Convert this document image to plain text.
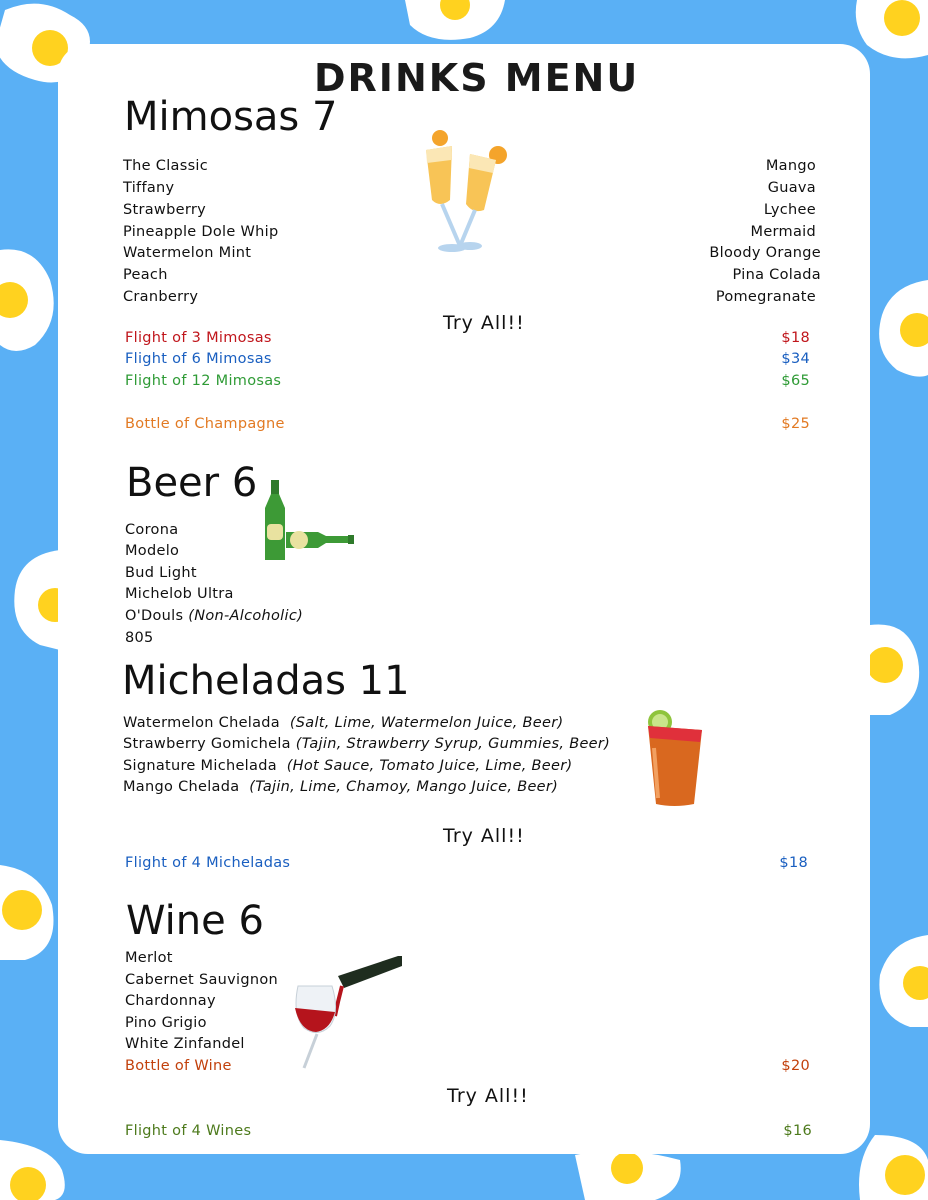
DRINKS MENU
Mimosas 7
The Classic
Tiffany
Strawberry
Pineapple Dole Whip
Watermelon Mint
Peach
Cranberry
Mango
Guava
Lychee
Mermaid
Bloody Orange
Pina Colada
Pomegranate
Try All!!
Flight of 3 Mimosas	$18
Flight of 6 Mimosas	$34
Flight of 12 Mimosas	$65
Bottle of Champagne	$25
Beer 6
Corona
Modelo
Bud Light
Michelob Ultra
O'Douls (Non-Alcoholic)
805
Micheladas 11
Watermelon Chelada (Salt, Lime, Watermelon Juice, Beer)
Strawberry Gomichela (Tajin, Strawberry Syrup, Gummies, Beer)
Signature Michelada (Hot Sauce, Tomato Juice, Lime, Beer)
Mango Chelada (Tajin, Lime, Chamoy, Mango Juice, Beer)
Try All!!
Flight of 4 Micheladas	$18
Wine 6
Merlot
Cabernet Sauvignon
Chardonnay
Pino Grigio
White Zinfandel
Bottle of Wine	$20
Try All!!
Flight of 4 Wines	$16
